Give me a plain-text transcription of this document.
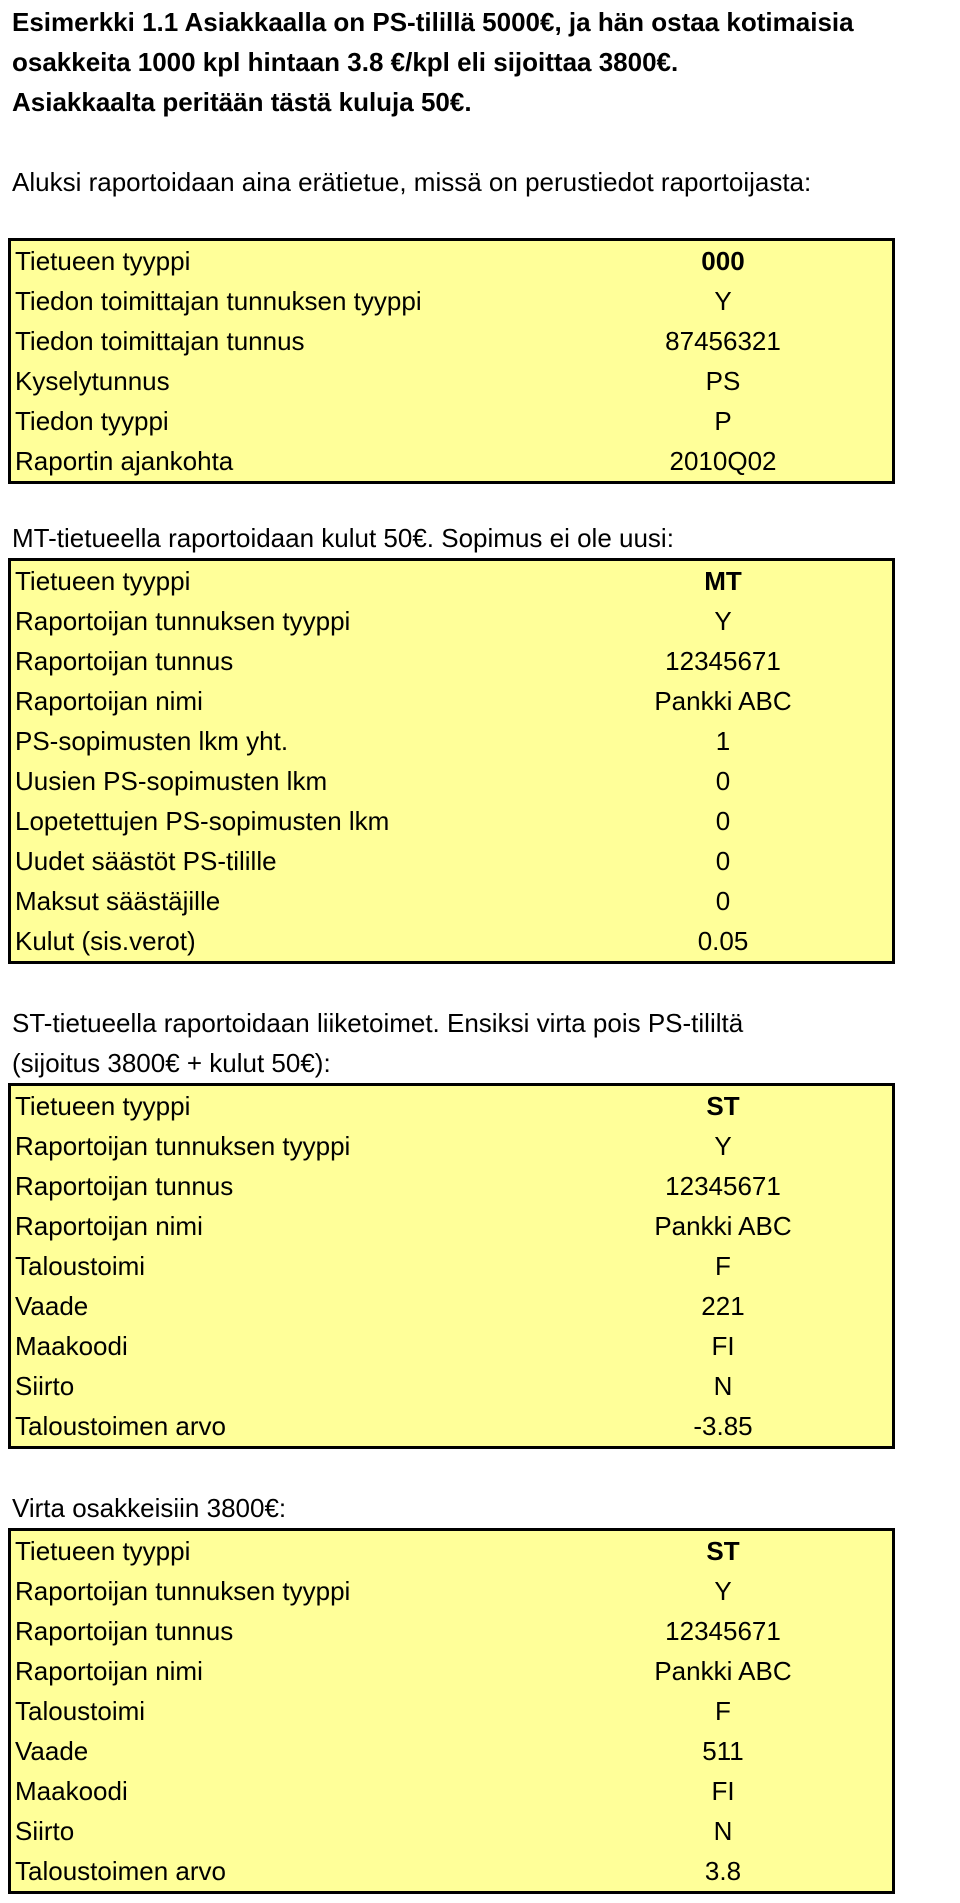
Esimerkki 1.1 Asiakkaalla on PS-tilillä 5000€, ja hän ostaa kotimaisia
osakkeita 1000 kpl hintaan 3.8 €/kpl eli sijoittaa 3800€.
Asiakkaalta peritään tästä kuluja 50€.
Aluksi raportoidaan aina erätietue, missä on perustiedot raportoijasta:
Tietueen tyyppi	000
Tiedon toimittajan tunnuksen tyyppi	Y
Tiedon toimittajan tunnus	87456321
Kyselytunnus	PS
Tiedon tyyppi	P
Raportin ajankohta	2010Q02
MT-tietueella raportoidaan kulut 50€. Sopimus ei ole uusi:
Tietueen tyyppi	MT
Raportoijan tunnuksen tyyppi	Y
Raportoijan tunnus	12345671
Raportoijan nimi	Pankki ABC
PS-sopimusten lkm yht.	1
Uusien PS-sopimusten lkm	0
Lopetettujen PS-sopimusten lkm	0
Uudet säästöt PS-tilille	0
Maksut säästäjille	0
Kulut (sis.verot)	0.05
ST-tietueella raportoidaan liiketoimet. Ensiksi virta pois PS-tililtä
(sijoitus 3800€ + kulut 50€):
Tietueen tyyppi	ST
Raportoijan tunnuksen tyyppi	Y
Raportoijan tunnus	12345671
Raportoijan nimi	Pankki ABC
Taloustoimi	F
Vaade	221
Maakoodi	FI
Siirto	N
Taloustoimen arvo	-3.85
Virta osakkeisiin 3800€:
Tietueen tyyppi	ST
Raportoijan tunnuksen tyyppi	Y
Raportoijan tunnus	12345671
Raportoijan nimi	Pankki ABC
Taloustoimi	F
Vaade	511
Maakoodi	FI
Siirto	N
Taloustoimen arvo	3.8
